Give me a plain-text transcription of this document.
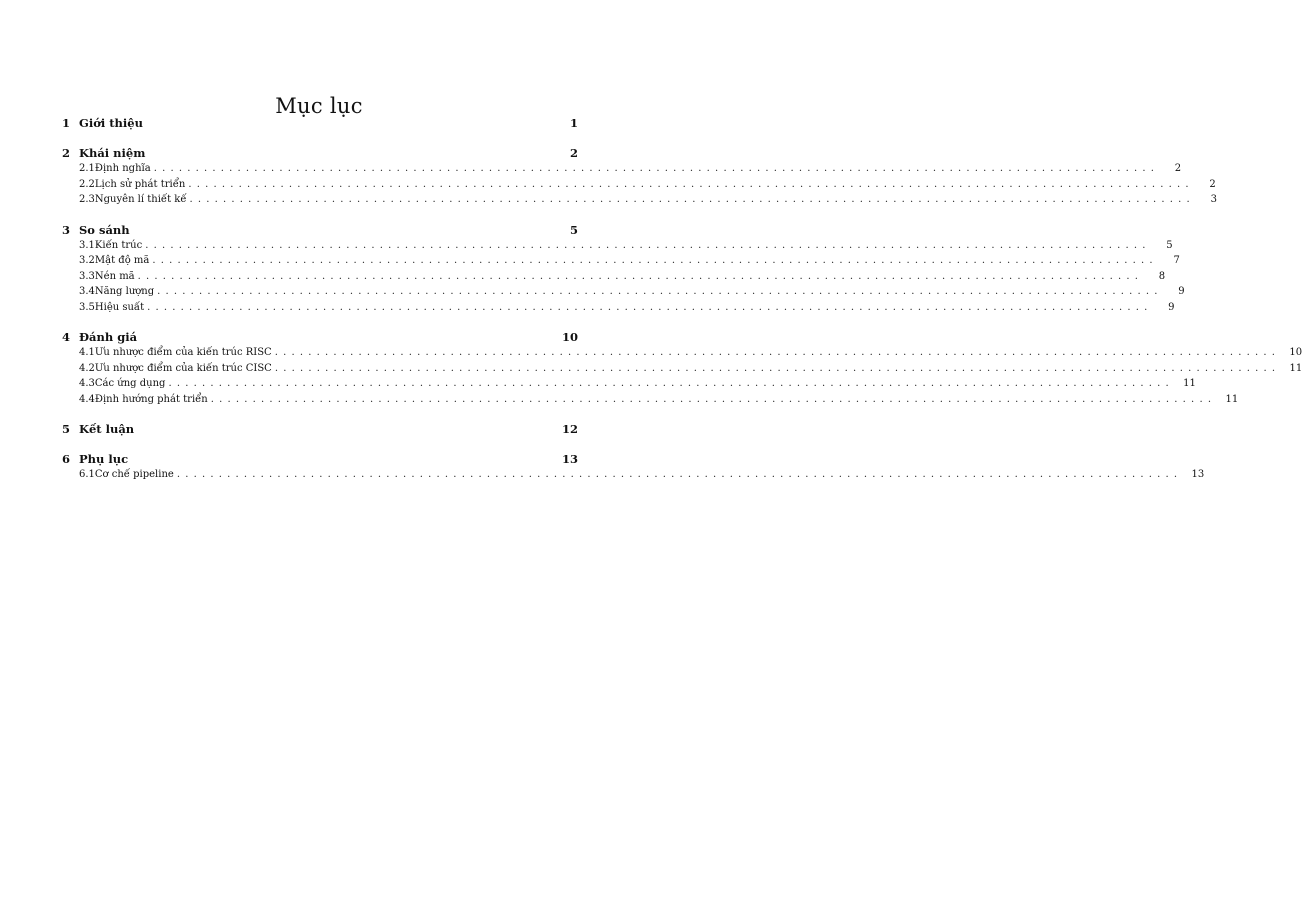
Mục lục
1 Giới thiệu	1
2 Khái niệm	2
2.1 Định nghĩa ........................................................................................................................	2
2.2 Lịch sử phát triển ........................................................................................................................	2
2.3 Nguyên lí thiết kế ........................................................................................................................	3
3 So sánh	5
3.1 Kiến trúc ........................................................................................................................	5
3.2 Mật độ mã ........................................................................................................................	7
3.3 Nén mã ........................................................................................................................	8
3.4 Năng lượng ........................................................................................................................	9
3.5 Hiệu suất ........................................................................................................................	9
4 Đánh giá	10
4.1 Ưu nhược điểm của kiến trúc RISC ........................................................................................................................ 10
4.2 Ưu nhược điểm của kiến trúc CISC ........................................................................................................................ 11
4.3 Các ứng dụng ........................................................................................................................ 11
4.4 Định hướng phát triển ........................................................................................................................ 11
5 Kết luận	12
6 Phụ lục	13
6.1 Cơ chế pipeline ........................................................................................................................ 13
